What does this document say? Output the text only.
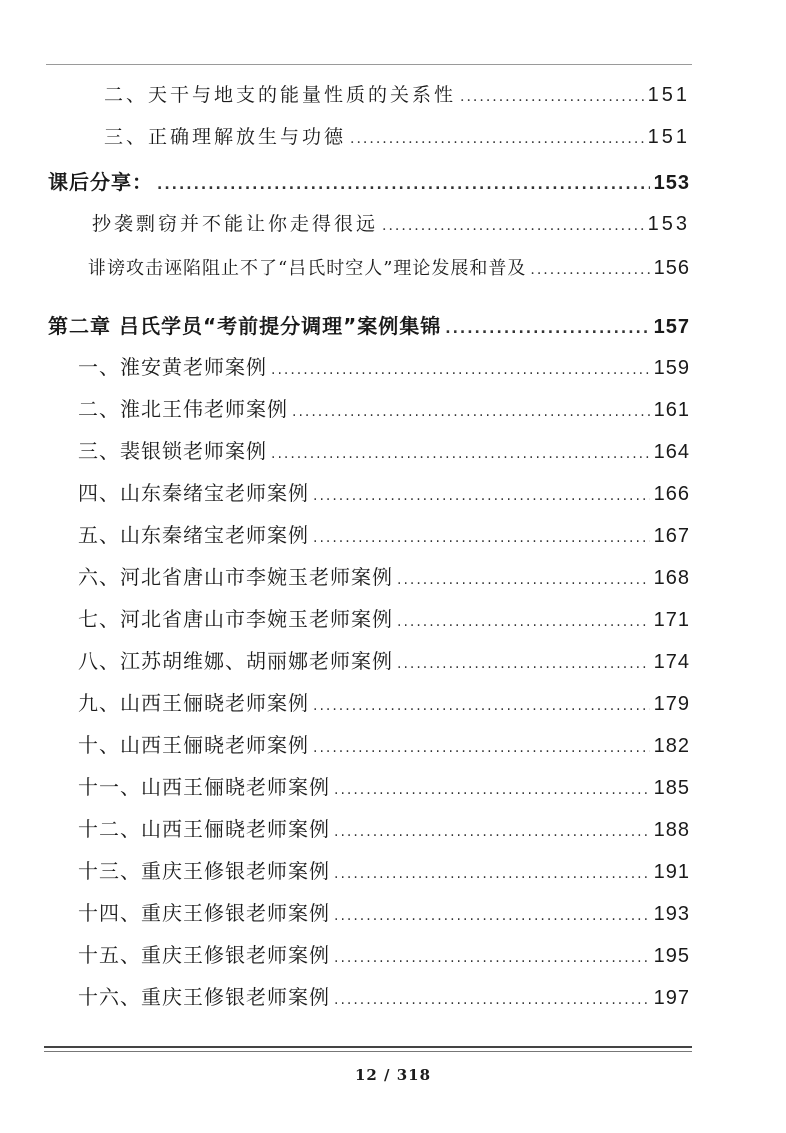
二、天干与地支的能量性质的关系性 .....	151
三、正确理解放生与功德 .....	151
课后分享： .....	153
抄袭剽窃并不能让你走得很远 .....	153
诽谤攻击诬陷阻止不了“吕氏时空人”理论发展和普及 .....	156
第二章 吕氏学员“考前提分调理”案例集锦 .....	157
一、淮安黄老师案例 .....	159
二、淮北王伟老师案例 .....	161
三、裴银锁老师案例 .....	164
四、山东秦绪宝老师案例 .....	166
五、山东秦绪宝老师案例 .....	167
六、河北省唐山市李婉玉老师案例 .....	168
七、河北省唐山市李婉玉老师案例 .....	171
八、江苏胡维娜、胡丽娜老师案例 .....	174
九、山西王俪晓老师案例 .....	179
十、山西王俪晓老师案例 .....	182
十一、山西王俪晓老师案例 .....	185
十二、山西王俪晓老师案例 .....	188
十三、重庆王修银老师案例 .....	191
十四、重庆王修银老师案例 .....	193
十五、重庆王修银老师案例 .....	195
十六、重庆王修银老师案例 .....	197
12 / 318
